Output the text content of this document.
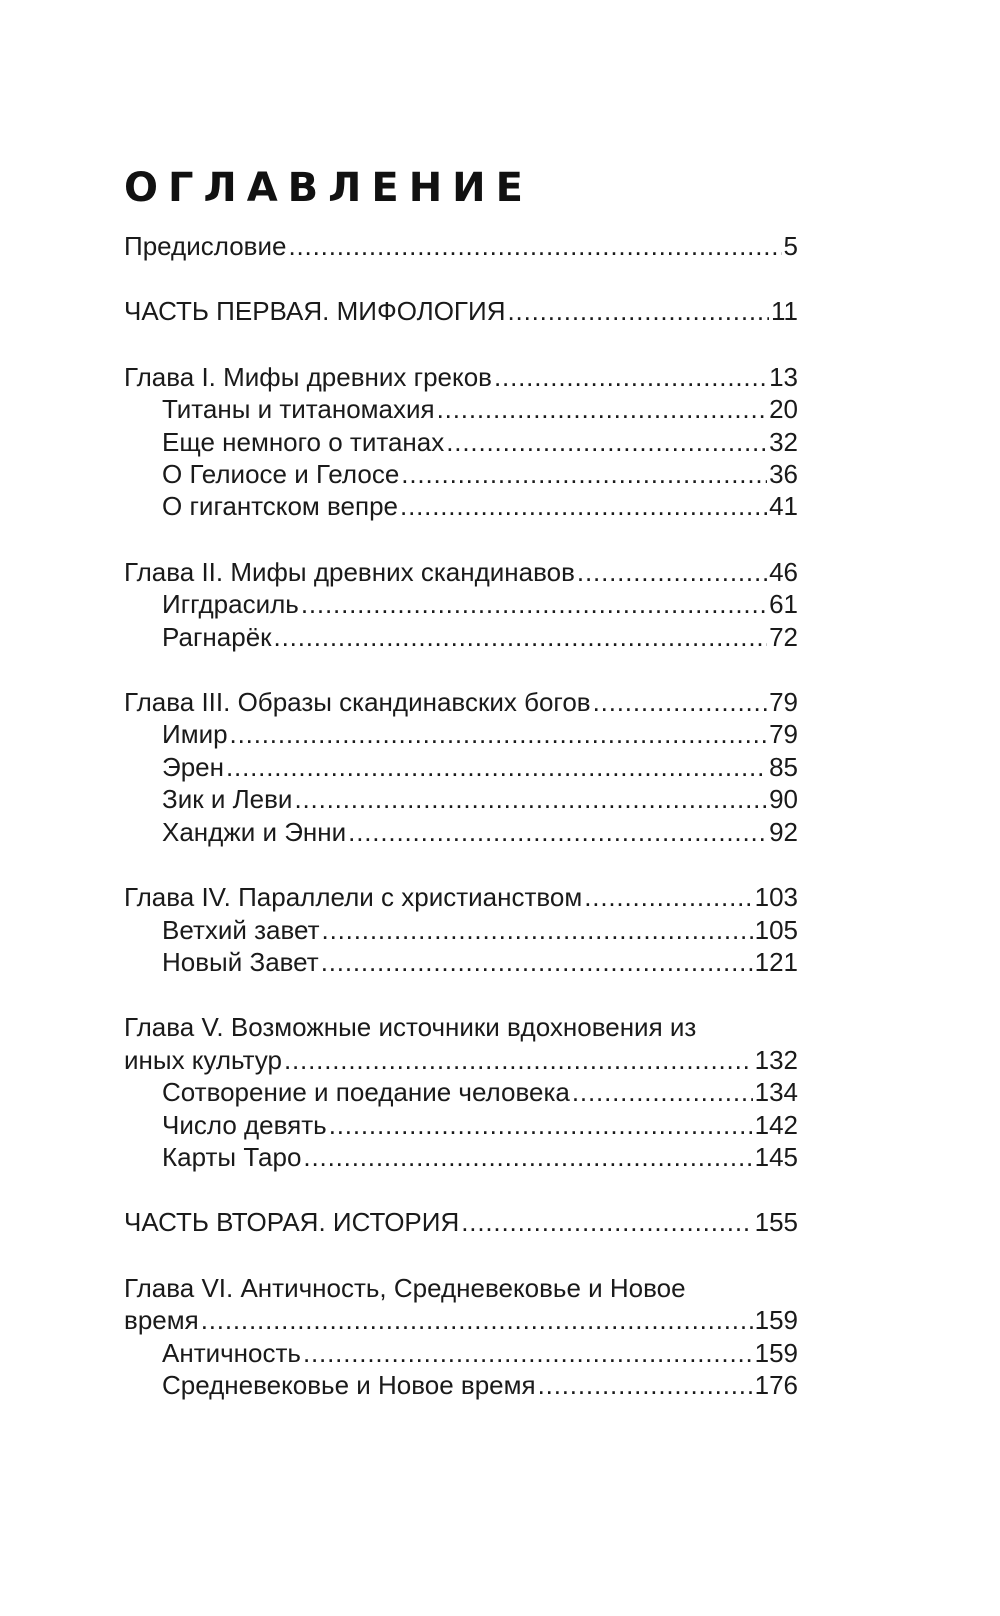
ОГЛАВЛЕНИЕ
Предисловие . . .	5
ЧАСТЬ ПЕРВАЯ. МИФОЛОГИЯ . . .	11
Глава I. Мифы древних греков . . .	13
Титаны и титаномахия . . .	20
Еще немного о титанах . . .	32
О Гелиосе и Гелосе . . .	36
О гигантском вепре . . .	41
Глава II. Мифы древних скандинавов . . .	46
Иггдрасиль . . .	61
Рагнарёк . . .	72
Глава III. Образы скандинавских богов . . .	79
Имир . . .	79
Эрен . . .	85
Зик и Леви . . .	90
Ханджи и Энни . . .	92
Глава IV. Параллели с христианством . . .	103
Ветхий завет . . .	105
Новый Завет . . .	121
Глава V. Возможные источники вдохновения из
иных культур . . .	132
Сотворение и поедание человека . . .	134
Число девять . . .	142
Карты Таро . . .	145
ЧАСТЬ ВТОРАЯ. ИСТОРИЯ . . .	155
Глава VI. Античность, Средневековье и Новое
время . . .	159
Античность . . .	159
Средневековье и Новое время . . .	176
